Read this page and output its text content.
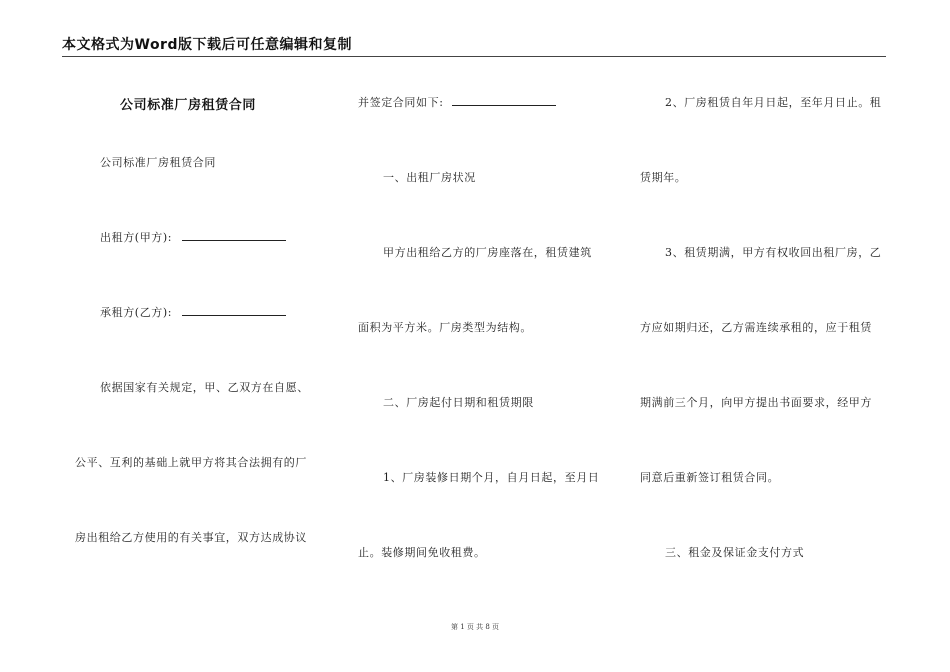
本文格式为Word版下载后可任意编辑和复制
公司标准厂房租赁合同
公司标准厂房租赁合同
出租方(甲方):
承租方(乙方):
依据国家有关规定，甲、乙双方在自愿、
公平、互利的基础上就甲方将其合法拥有的厂
房出租给乙方使用的有关事宜，双方达成协议
并签定合同如下:
一、出租厂房状况
甲方出租给乙方的厂房座落在，租赁建筑
面积为平方米。厂房类型为结构。
二、厂房起付日期和租赁期限
1、厂房装修日期个月，自月日起，至月日
止。装修期间免收租费。
2、厂房租赁自年月日起，至年月日止。租
赁期年。
3、租赁期满，甲方有权收回出租厂房，乙
方应如期归还，乙方需连续承租的，应于租赁
期满前三个月，向甲方提出书面要求，经甲方
同意后重新签订租赁合同。
三、租金及保证金支付方式
第 1 页 共 8 页
